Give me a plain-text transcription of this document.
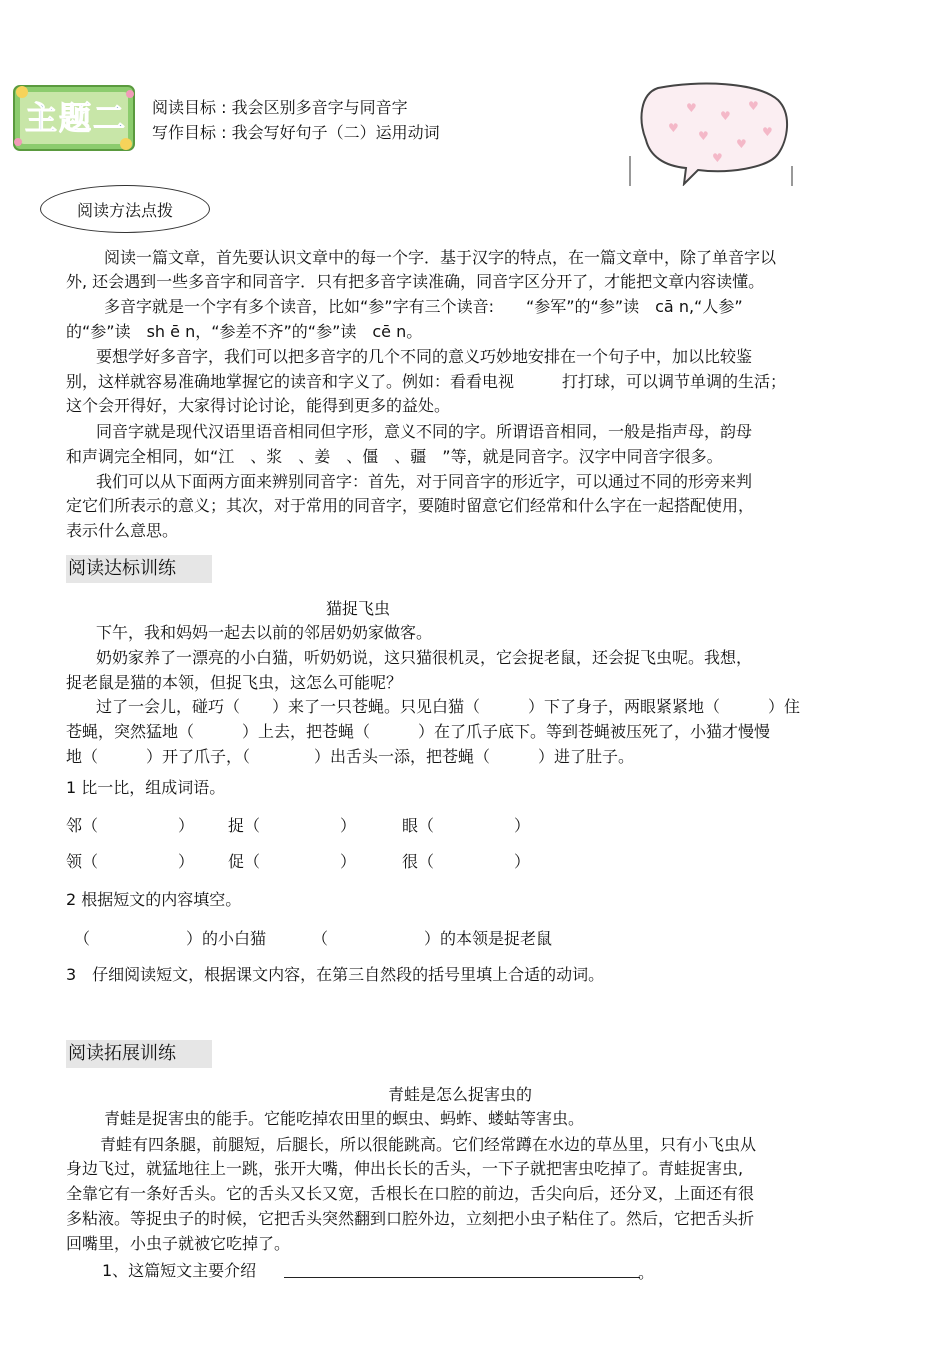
主题二 阅读目标 : 我会区别多音字与同音字
写作目标 : 我会写好句子（二）运用动词
♥
♥
♥
♥
♥
♥	♥
♥
阅读方法点拨
阅读一篇文章，首先要认识文章中的每一个字．基于汉字的特点，在一篇文章中，除了单音字以
外, 还会遇到一些多音字和同音字．只有把多音字读准确，同音字区分开了，才能把文章内容读懂。
多音字就是一个字有多个读音，比如“参”字有三个读音:　　“参军”的“参”读　cā n,“人参”
的“参”读　sh ē n，“参差不齐”的“参”读　cē n。
要想学好多音字，我们可以把多音字的几个不同的意义巧妙地安排在一个句子中，加以比较鉴
别，这样就容易准确地掌握它的读音和字义了。例如：看看电视　　　打打球，可以调节单调的生活；
这个会开得好，大家得讨论讨论，能得到更多的益处。
同音字就是现代汉语里语音相同但字形，意义不同的字。所谓语音相同，一般是指声母，韵母
和声调完全相同，如“江　、浆　、姜　、僵　、疆　”等，就是同音字。汉字中同音字很多。
我们可以从下面两方面来辨别同音字：首先，对于同音字的形近字，可以通过不同的形旁来判
定它们所表示的意义；其次，对于常用的同音字，要随时留意它们经常和什么字在一起搭配使用，
表示什么意思。
阅读达标训练
猫捉飞虫
下午，我和妈妈一起去以前的邻居奶奶家做客。
奶奶家养了一漂亮的小白猫，听奶奶说，这只猫很机灵，它会捉老鼠，还会捉飞虫呢。我想，
捉老鼠是猫的本领，但捉飞虫，这怎么可能呢？
过了一会儿，碰巧（　　）来了一只苍蝇。只见白猫（　　　）下了身子，两眼紧紧地（　　　）住
苍蝇，突然猛地（　　　）上去，把苍蝇（　　　）在了爪子底下。等到苍蝇被压死了，小猫才慢慢
地（　　　）开了爪子，（　　　　）出舌头一添，把苍蝇（　　　）进了肚子。
1 比一比，组成词语。
邻（　　　　　） 捉（　　　　　）	眼（　　　　　）
领（　　　　　） 促（　　　　　）	很（　　　　　）
2 根据短文的内容填空。
（　　　　　　）的小白猫	（　　　　　　）的本领是捉老鼠
3　仔细阅读短文，根据课文内容，在第三自然段的括号里填上合适的动词。
阅读拓展训练
青蛙是怎么捉害虫的
青蛙是捉害虫的能手。它能吃掉农田里的螟虫、蚂蚱、蝼蛄等害虫。
青蛙有四条腿，前腿短，后腿长，所以很能跳高。它们经常蹲在水边的草丛里，只有小飞虫从
身边飞过，就猛地往上一跳，张开大嘴，伸出长长的舌头，一下子就把害虫吃掉了。青蛙捉害虫,
全靠它有一条好舌头。它的舌头又长又宽，舌根长在口腔的前边，舌尖向后，还分叉，上面还有很
多粘液。等捉虫子的时候，它把舌头突然翻到口腔外边，立刻把小虫子粘住了。然后，它把舌头折
回嘴里，小虫子就被它吃掉了。
1、这篇短文主要介绍	。
